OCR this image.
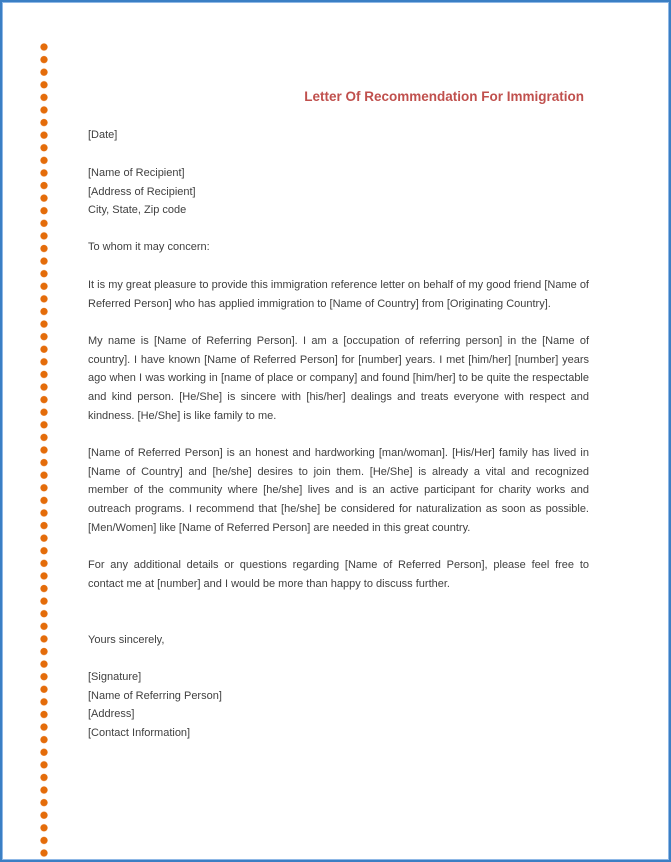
Letter Of Recommendation For Immigration
[Date]
[Name of Recipient]
[Address of Recipient]
City, State, Zip code
To whom it may concern:

It is my great pleasure to provide this immigration reference letter on behalf of my good friend [Name of Referred Person] who has applied immigration to [Name of Country] from [Originating Country].

My name is [Name of Referring Person]. I am a [occupation of referring person] in the [Name of country]. I have known [Name of Referred Person] for [number] years. I met [him/her] [number] years ago when I was working in [name of place or company] and found [him/her] to be quite the respectable and kind person. [He/She] is sincere with [his/her] dealings and treats everyone with respect and kindness. [He/She] is like family to me.

[Name of Referred Person] is an honest and hardworking [man/woman]. [His/Her] family has lived in [Name of Country] and [he/she] desires to join them. [He/She] is already a vital and recognized member of the community where [he/she] lives and is an active participant for charity works and outreach programs. I recommend that [he/she] be considered for naturalization as soon as possible. [Men/Women] like [Name of Referred Person] are needed in this great country.

For any additional details or questions regarding [Name of Referred Person], please feel free to contact me at [number] and I would be more than happy to discuss further.

Yours sincerely,
[Signature]
[Name of Referring Person]
[Address]
[Contact Information]
